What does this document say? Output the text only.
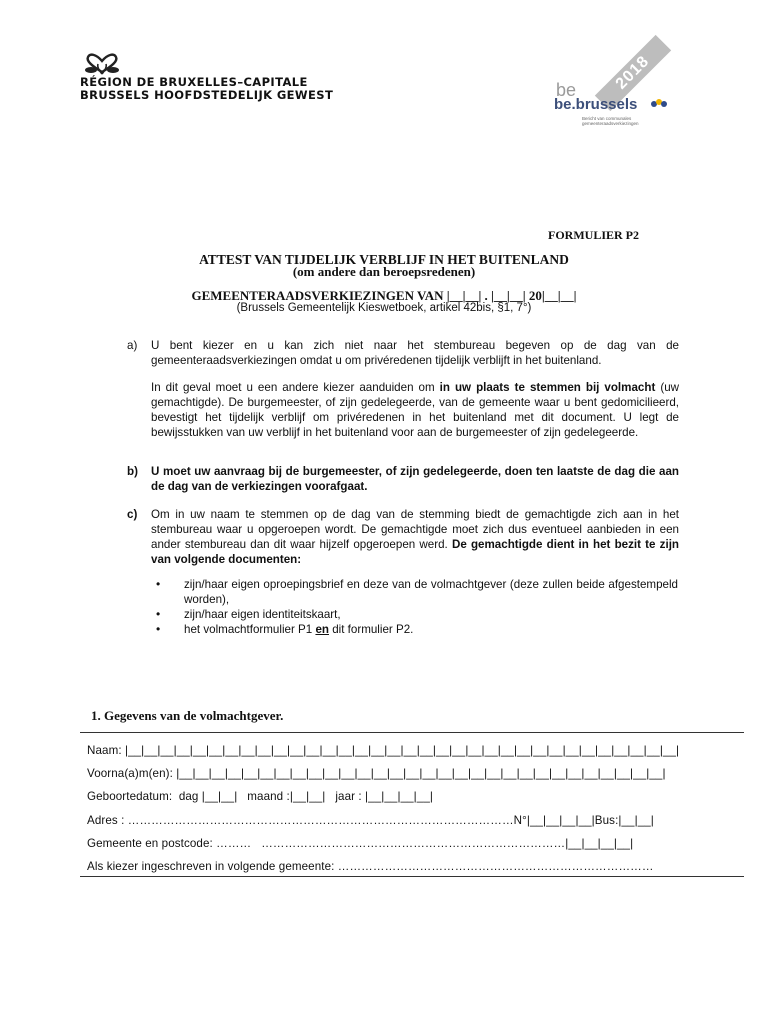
RÉGION DE BRUXELLES–CAPITALE
BRUSSELS HOOFDSTEDELIJK GEWEST
2018
be
be.brussels
Bericht van communales gemeenteraadsverkiezingen
FORMULIER P2
ATTEST VAN TIJDELIJK VERBLIJF IN HET BUITENLAND
(om andere dan beroepsredenen)
GEMEENTERAADSVERKIEZINGEN VAN |__|__| . |__|__| 20|__|__|
(Brussels Gemeentelijk Kieswetboek, artikel 42bis, §1, 7°)
a) U bent kiezer en u kan zich niet naar het stembureau begeven op de dag van de gemeenteraadsverkiezingen omdat u om privéredenen tijdelijk verblijft in het buitenland.
In dit geval moet u een andere kiezer aanduiden om in uw plaats te stemmen bij volmacht (uw gemachtigde). De burgemeester, of zijn gedelegeerde, van de gemeente waar u bent gedomicilieerd, bevestigt het tijdelijk verblijf om privéredenen in het buitenland met dit document. U legt de bewijsstukken van uw verblijf in het buitenland voor aan de burgemeester of zijn gedelegeerde.
b) U moet uw aanvraag bij de burgemeester, of zijn gedelegeerde, doen ten laatste de dag die aan de dag van de verkiezingen voorafgaat.
c) Om in uw naam te stemmen op de dag van de stemming biedt de gemachtigde zich aan in het stembureau waar u opgeroepen wordt. De gemachtigde moet zich dus eventueel aanbieden in een ander stembureau dan dit waar hijzelf opgeroepen werd. De gemachtigde dient in het bezit te zijn van volgende documenten:
• zijn/haar eigen oproepingsbrief en deze van de volmachtgever (deze zullen beide afgestempeld worden),
• zijn/haar eigen identiteitskaart,
• het volmachtformulier P1 en dit formulier P2.
1. Gegevens van de volmachtgever.
Naam: |__|__|__|__|__|__|__|__|__|__|__|__|__|__|__|__|__|__|__|__|__|__|__|__|__|__|__|__|__|__|__|__|__|__|
Voorna(a)m(en): |__|__|__|__|__|__|__|__|__|__|__|__|__|__|__|__|__|__|__|__|__|__|__|__|__|__|__|__|__|__|
Geboortedatum:  dag |__|__|   maand :|__|__|   jaar : |__|__|__|__|
Adres : ………………………………………………………………………………………N°|__|__|__|__|Bus:|__|__|
Gemeente en postcode: ………   ……………………………………………………………………|__|__|__|__|
Als kiezer ingeschreven in volgende gemeente: ………………………………………………………………………
